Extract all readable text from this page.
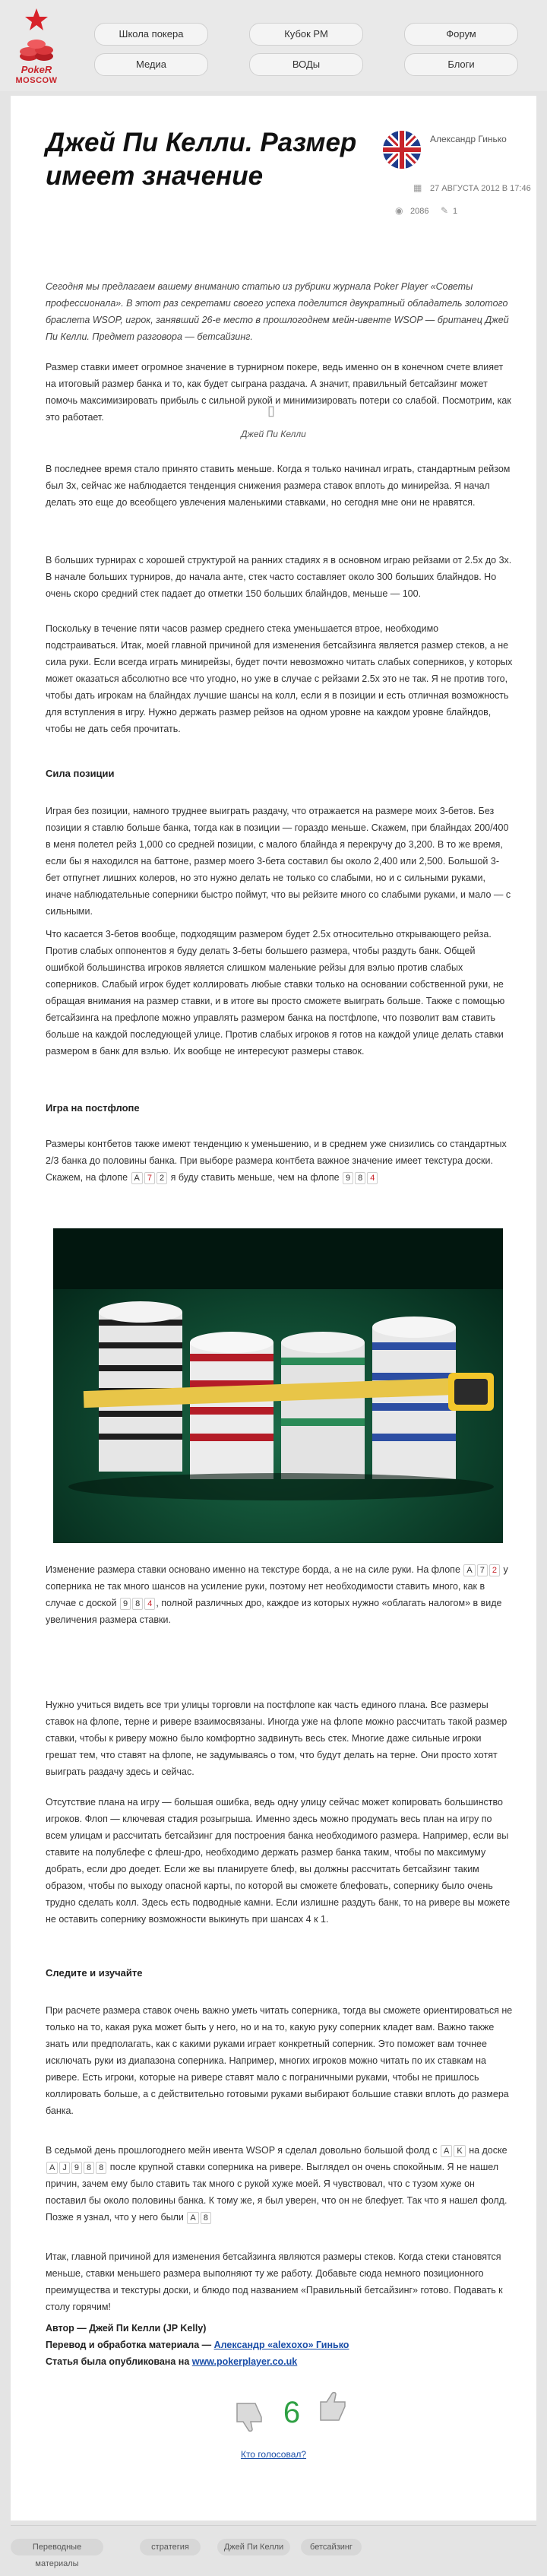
PokeR
MOSCOW
Школа покера	Кубок РМ	Форум
Медиа	ВОДы	Блоги
Джей Пи Келли. Размер имеет значение
Александр Гинько
▦ 27 АВГУСТА 2012 В 17:46
◉ 2086 ✎ 1
Сегодня мы предлагаем вашему вниманию статью из рубрики журнала Poker Player «Советы профессионала». В этот раз секретами своего успеха поделится двукратный обладатель золотого браслета WSOP, игрок, занявший 26-е место в прошлогоднем мейн-ивенте WSOP — британец Джей Пи Келли. Предмет разговора — бетсайзинг.
Размер ставки имеет огромное значение в турнирном покере, ведь именно он в конечном счете влияет на итоговый размер банка и то, как будет сыграна раздача. А значит, правильный бетсайзинг может помочь максимизировать прибыль с сильной рукой и минимизировать потери со слабой. Посмотрим, как это работает.	▯
Джей Пи Келли
В последнее время стало принято ставить меньше. Когда я только начинал играть, стандартным рейзом был 3x, сейчас же наблюдается тенденция снижения размера ставок вплоть до минирейза. Я начал делать это еще до всеобщего увлечения маленькими ставками, но сегодня мне они не нравятся.
В больших турнирах с хорошей структурой на ранних стадиях я в основном играю рейзами от 2.5x до 3x. В начале больших турниров, до начала анте, стек часто составляет около 300 больших блайндов. Но очень скоро средний стек падает до отметки 150 больших блайндов, меньше — 100.
Поскольку в течение пяти часов размер среднего стека уменьшается втрое, необходимо подстраиваться. Итак, моей главной причиной для изменения бетсайзинга является размер стеков, а не сила руки. Если всегда играть минирейзы, будет почти невозможно читать слабых соперников, у которых может оказаться абсолютно все что угодно, но уже в случае с рейзами 2.5x это не так. Я не против того, чтобы дать игрокам на блайндах лучшие шансы на колл, если я в позиции и есть отличная возможность для вступления в игру. Нужно держать размер рейзов на одном уровне на каждом уровне блайндов, чтобы не дать себя прочитать.
Сила позиции
Играя без позиции, намного труднее выиграть раздачу, что отражается на размере моих 3-бетов. Без позиции я ставлю больше банка, тогда как в позиции — гораздо меньше. Скажем, при блайндах 200/400 в меня полетел рейз 1,000 со средней позиции, с малого блайнда я перекручу до 3,200. В то же время, если бы я находился на баттоне, размер моего 3-бета составил бы около 2,400 или 2,500. Большой 3-бет отпугнет лишних колеров, но это нужно делать не только со слабыми, но и с сильными руками, иначе наблюдательные соперники быстро поймут, что вы рейзите много со слабыми руками, и мало — с сильными.
Что касается 3-бетов вообще, подходящим размером будет 2.5x относительно открывающего рейза. Против слабых оппонентов я буду делать 3-беты большего размера, чтобы раздуть банк. Общей ошибкой большинства игроков является слишком маленькие рейзы для вэлью против слабых соперников. Слабый игрок будет коллировать любые ставки только на основании собственной руки, не обращая внимания на размер ставки, и в итоге вы просто сможете выиграть больше. Также с помощью бетсайзинга на префлопе можно управлять размером банка на постфлопе, что позволит вам ставить больше на каждой последующей улице. Против слабых игроков я готов на каждой улице делать ставки размером в банк для вэлью. Их вообще не интересуют размеры ставок.
Игра на постфлопе
Размеры контбетов также имеют тенденцию к уменьшению, и в среднем уже снизились со стандартных 2/3 банка до половины банка. При выборе размера контбета важное значение имеет текстура доски. Скажем, на флопе A 7 2 я буду ставить меньше, чем на флопе 9 8 4
Изменение размера ставки основано именно на текстуре борда, а не на силе руки. На флопе A 7 2 у соперника не так много шансов на усиление руки, поэтому нет необходимости ставить много, как в случае с доской 9 8 4 , полной различных дро, каждое из которых нужно «облагать налогом» в виде увеличения размера ставки.
Нужно учиться видеть все три улицы торговли на постфлопе как часть единого плана. Все размеры ставок на флопе, терне и ривере взаимосвязаны. Иногда уже на флопе можно рассчитать такой размер ставки, чтобы к риверу можно было комфортно задвинуть весь стек. Многие даже сильные игроки грешат тем, что ставят на флопе, не задумываясь о том, что будут делать на терне. Они просто хотят выиграть раздачу здесь и сейчас.
Отсутствие плана на игру — большая ошибка, ведь одну улицу сейчас может копировать большинство игроков. Флоп — ключевая стадия розыгрыша. Именно здесь можно продумать весь план на игру по всем улицам и рассчитать бетсайзинг для построения банка необходимого размера. Например, если вы ставите на полублефе с флеш-дро, необходимо держать размер банка таким, чтобы по максимуму добрать, если дро доедет. Если же вы планируете блеф, вы должны рассчитать бетсайзинг таким образом, чтобы по выходу опасной карты, по которой вы сможете блефовать, сопернику было очень трудно сделать колл. Здесь есть подводные камни. Если излишне раздуть банк, то на ривере вы можете не оставить сопернику возможности выкинуть при шансах 4 к 1.
Следите и изучайте
При расчете размера ставок очень важно уметь читать соперника, тогда вы сможете ориентироваться не только на то, какая рука может быть у него, но и на то, какую руку соперник кладет вам. Важно также знать или предполагать, как с какими руками играет конкретный соперник. Это поможет вам точнее исключать руки из диапазона соперника. Например, многих игроков можно читать по их ставкам на ривере. Есть игроки, которые на ривере ставят мало с пограничными руками, чтобы не пришлось коллировать больше, а с действительно готовыми руками выбирают большие ставки вплоть до размера банка.
В седьмой день прошлогоднего мейн ивента WSOP я сделал довольно большой фолд с A K на доске A J 9 8 8 после крупной ставки соперника на ривере. Выглядел он очень спокойным. Я не нашел причин, зачем ему было ставить так много с рукой хуже моей. Я чувствовал, что с тузом хуже он поставил бы около половины банка. К тому же, я был уверен, что он не блефует. Так что я нашел фолд. Позже я узнал, что у него были A 8
Итак, главной причиной для изменения бетсайзинга являются размеры стеков. Когда стеки становятся меньше, ставки меньшего размера выполняют ту же работу. Добавьте сюда немного позиционного преимущества и текстуры доски, и блюдо под названием «Правильный бетсайзинг» готово. Подавать к столу горячим!
Автор — Джей Пи Келли (JP Kelly)
Перевод и обработка материала — Александр «alexoxo» Гинько
Статья была опубликована на www.pokerplayer.co.uk
6
Кто голосовал?
Переводные материалы
стратегия	Джей Пи Келли	бетсайзинг
